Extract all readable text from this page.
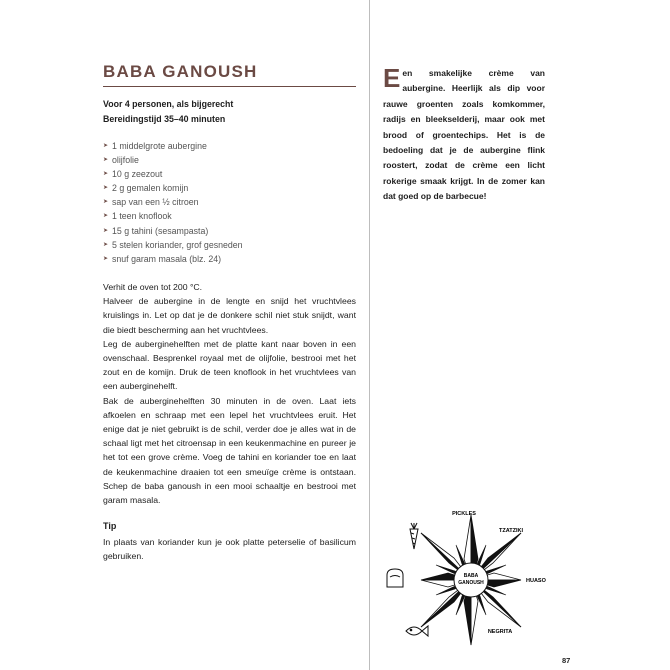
BABA GANOUSH
Voor 4 personen, als bijgerecht
Bereidingstijd 35–40 minuten
➤ 1 middelgrote aubergine
➤ olijfolie
➤ 10 g zeezout
➤ 2 g gemalen komijn
➤ sap van een ½ citroen
➤ 1 teen knoflook
➤ 15 g tahini (sesampasta)
➤ 5 stelen koriander, grof gesneden
➤ snuf garam masala (blz. 24)

Verhit de oven tot 200 °C.

Halveer de aubergine in de lengte en snijd het vruchtvlees kruislings in. Let op dat je de donkere schil niet stuk snijdt, want die biedt bescherming aan het vruchtvlees.

Leg de auberginehelften met de platte kant naar boven in een ovenschaal. Besprenkel royaal met de olijfolie, bestrooi met het zout en de komijn. Druk de teen knoflook in het vruchtvlees van een auberginehelft.

Bak de auberginehelften 30 minuten in de oven. Laat iets afkoelen en schraap met een lepel het vruchtvlees eruit. Het enige dat je niet gebruikt is de schil, verder doe je alles wat in de schaal ligt met het citroensap in een keukenmachine en pureer je het tot een grove crème. Voeg de tahini en koriander toe en laat de keukenmachine draaien tot een smeuïge crème is ontstaan. Schep de baba ganoush in een mooi schaaltje en bestrooi met garam masala.

Tip
In plaats van koriander kun je ook platte peterselie of basilicum gebruiken.
Een smakelijke crème van aubergine. Heerlijk als dip voor rauwe groenten zoals komkommer, radijs en bleekselderij, maar ook met brood of groentechips. Het is de bedoeling dat je de aubergine flink roostert, zodat de crème een licht rokerige smaak krijgt. In de zomer kan dat goed op de barbecue!
BABA
GANOUSH
PICKLES
TZATZIKI
HUASO
NEGRITA
87
